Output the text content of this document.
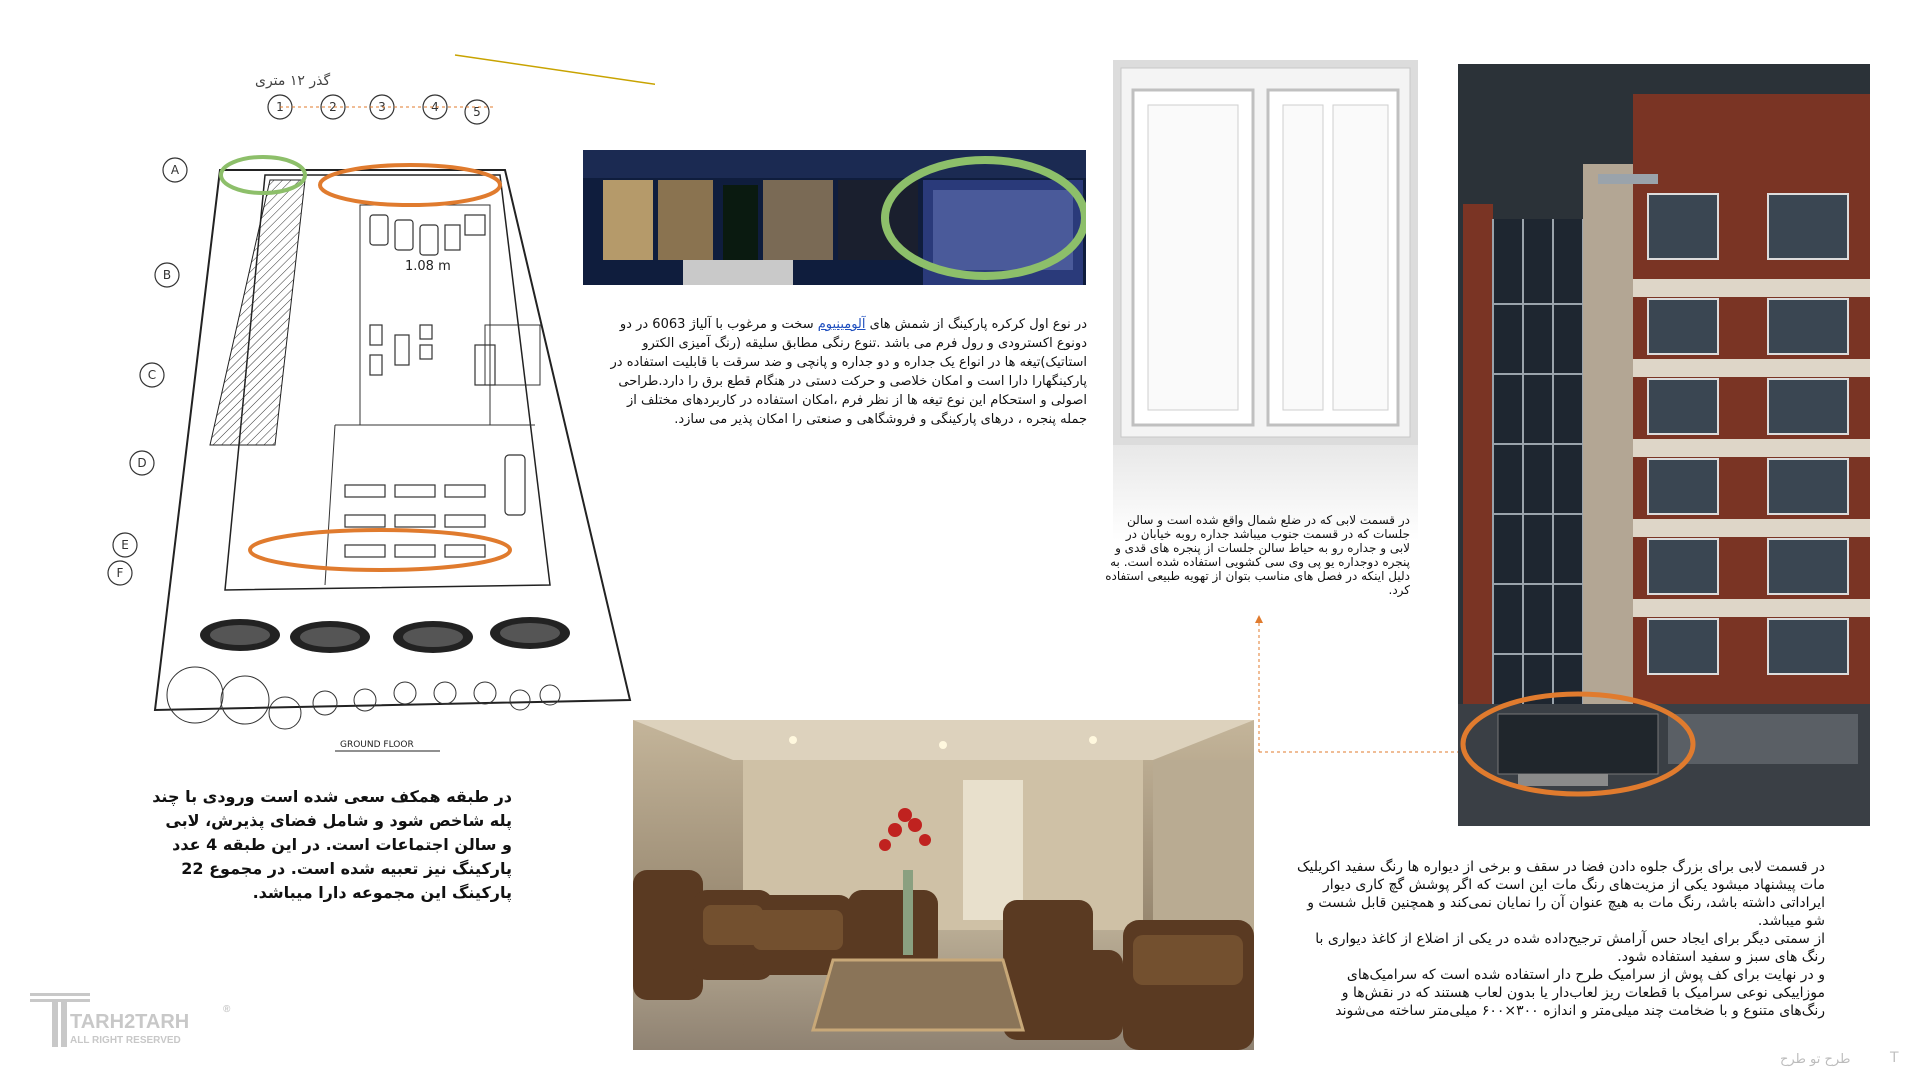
گذر ۱۲ متری
1	2	3	4	5
A
B
C
D
E
F
1.08 m
GROUND FLOOR
در نوع اول کرکره پارکینگ از شمش های آلومینیوم سخت و مرغوب با آلیاژ 6063 در دو دونوع اکسترودی و رول فرم می باشد .تنوع رنگی مطابق سلیقه (رنگ آمیزی الکترو استاتیک)تیغه ها در انواع یک جداره و دو جداره و پانچی و ضد سرقت با قابلیت استفاده در پارکینگهارا دارا است و امکان خلاصی و حرکت دستی در هنگام قطع برق را دارد.طراحی اصولی و استحکام این نوع تیغه ها از نظر فرم ،امکان استفاده در کاربردهای مختلف از جمله پنجره ، درهای پارکینگی و فروشگاهی و صنعتی را امکان پذیر می سازد.
در قسمت لابی که در ضلع شمال واقع شده است و سالن جلسات که در قسمت جنوب میباشد جداره روبه خیابان در لابی و جداره رو به حیاط سالن جلسات از پنجره های قدی و پنجره دوجداره یو پی وی سی کشویی استفاده شده است. به دلیل اینکه در فصل های مناسب بتوان از تهویه طبیعی استفاده کرد.
در طبقه همکف سعی شده است ورودی با چند پله شاخص شود و شامل فضای پذیرش، لابی و سالن اجتماعات است. در این طبقه 4 عدد پارکینگ نیز تعبیه شده است. در مجموع 22 پارکینگ این مجموعه دارا میباشد.
در قسمت لابی برای بزرگ جلوه دادن فضا در سقف و برخی از دیواره ها رنگ سفید اکریلیک مات پیشنهاد میشود یکی از مزیت‌های رنگ مات این است که اگر پوشش گچ کاری دیوار ایراداتی داشته باشد، رنگ مات به هیچ عنوان آن را نمایان نمی‌کند و همچنین قابل شست و شو میباشد.
از سمتی دیگر برای ایجاد حس آرامش ترجیح‌داده شده در یکی از اضلاع از کاغذ دیواری با رنگ های سبز و سفید استفاده شود.
و در نهایت برای کف پوش از سرامیک طرح دار استفاده شده است که سرامیک‌های موزاییکی نوعی سرامیک با قطعات ریز لعاب‌دار یا بدون لعاب هستند که در نقش‌ها و رنگ‌های متنوع و با ضخامت چند میلی‌متر و اندازه ۳۰۰×۶۰۰ میلی‌متر ساخته می‌شوند
TARH2TARH
®
ALL RIGHT RESERVED
طرح تو طرح	T
